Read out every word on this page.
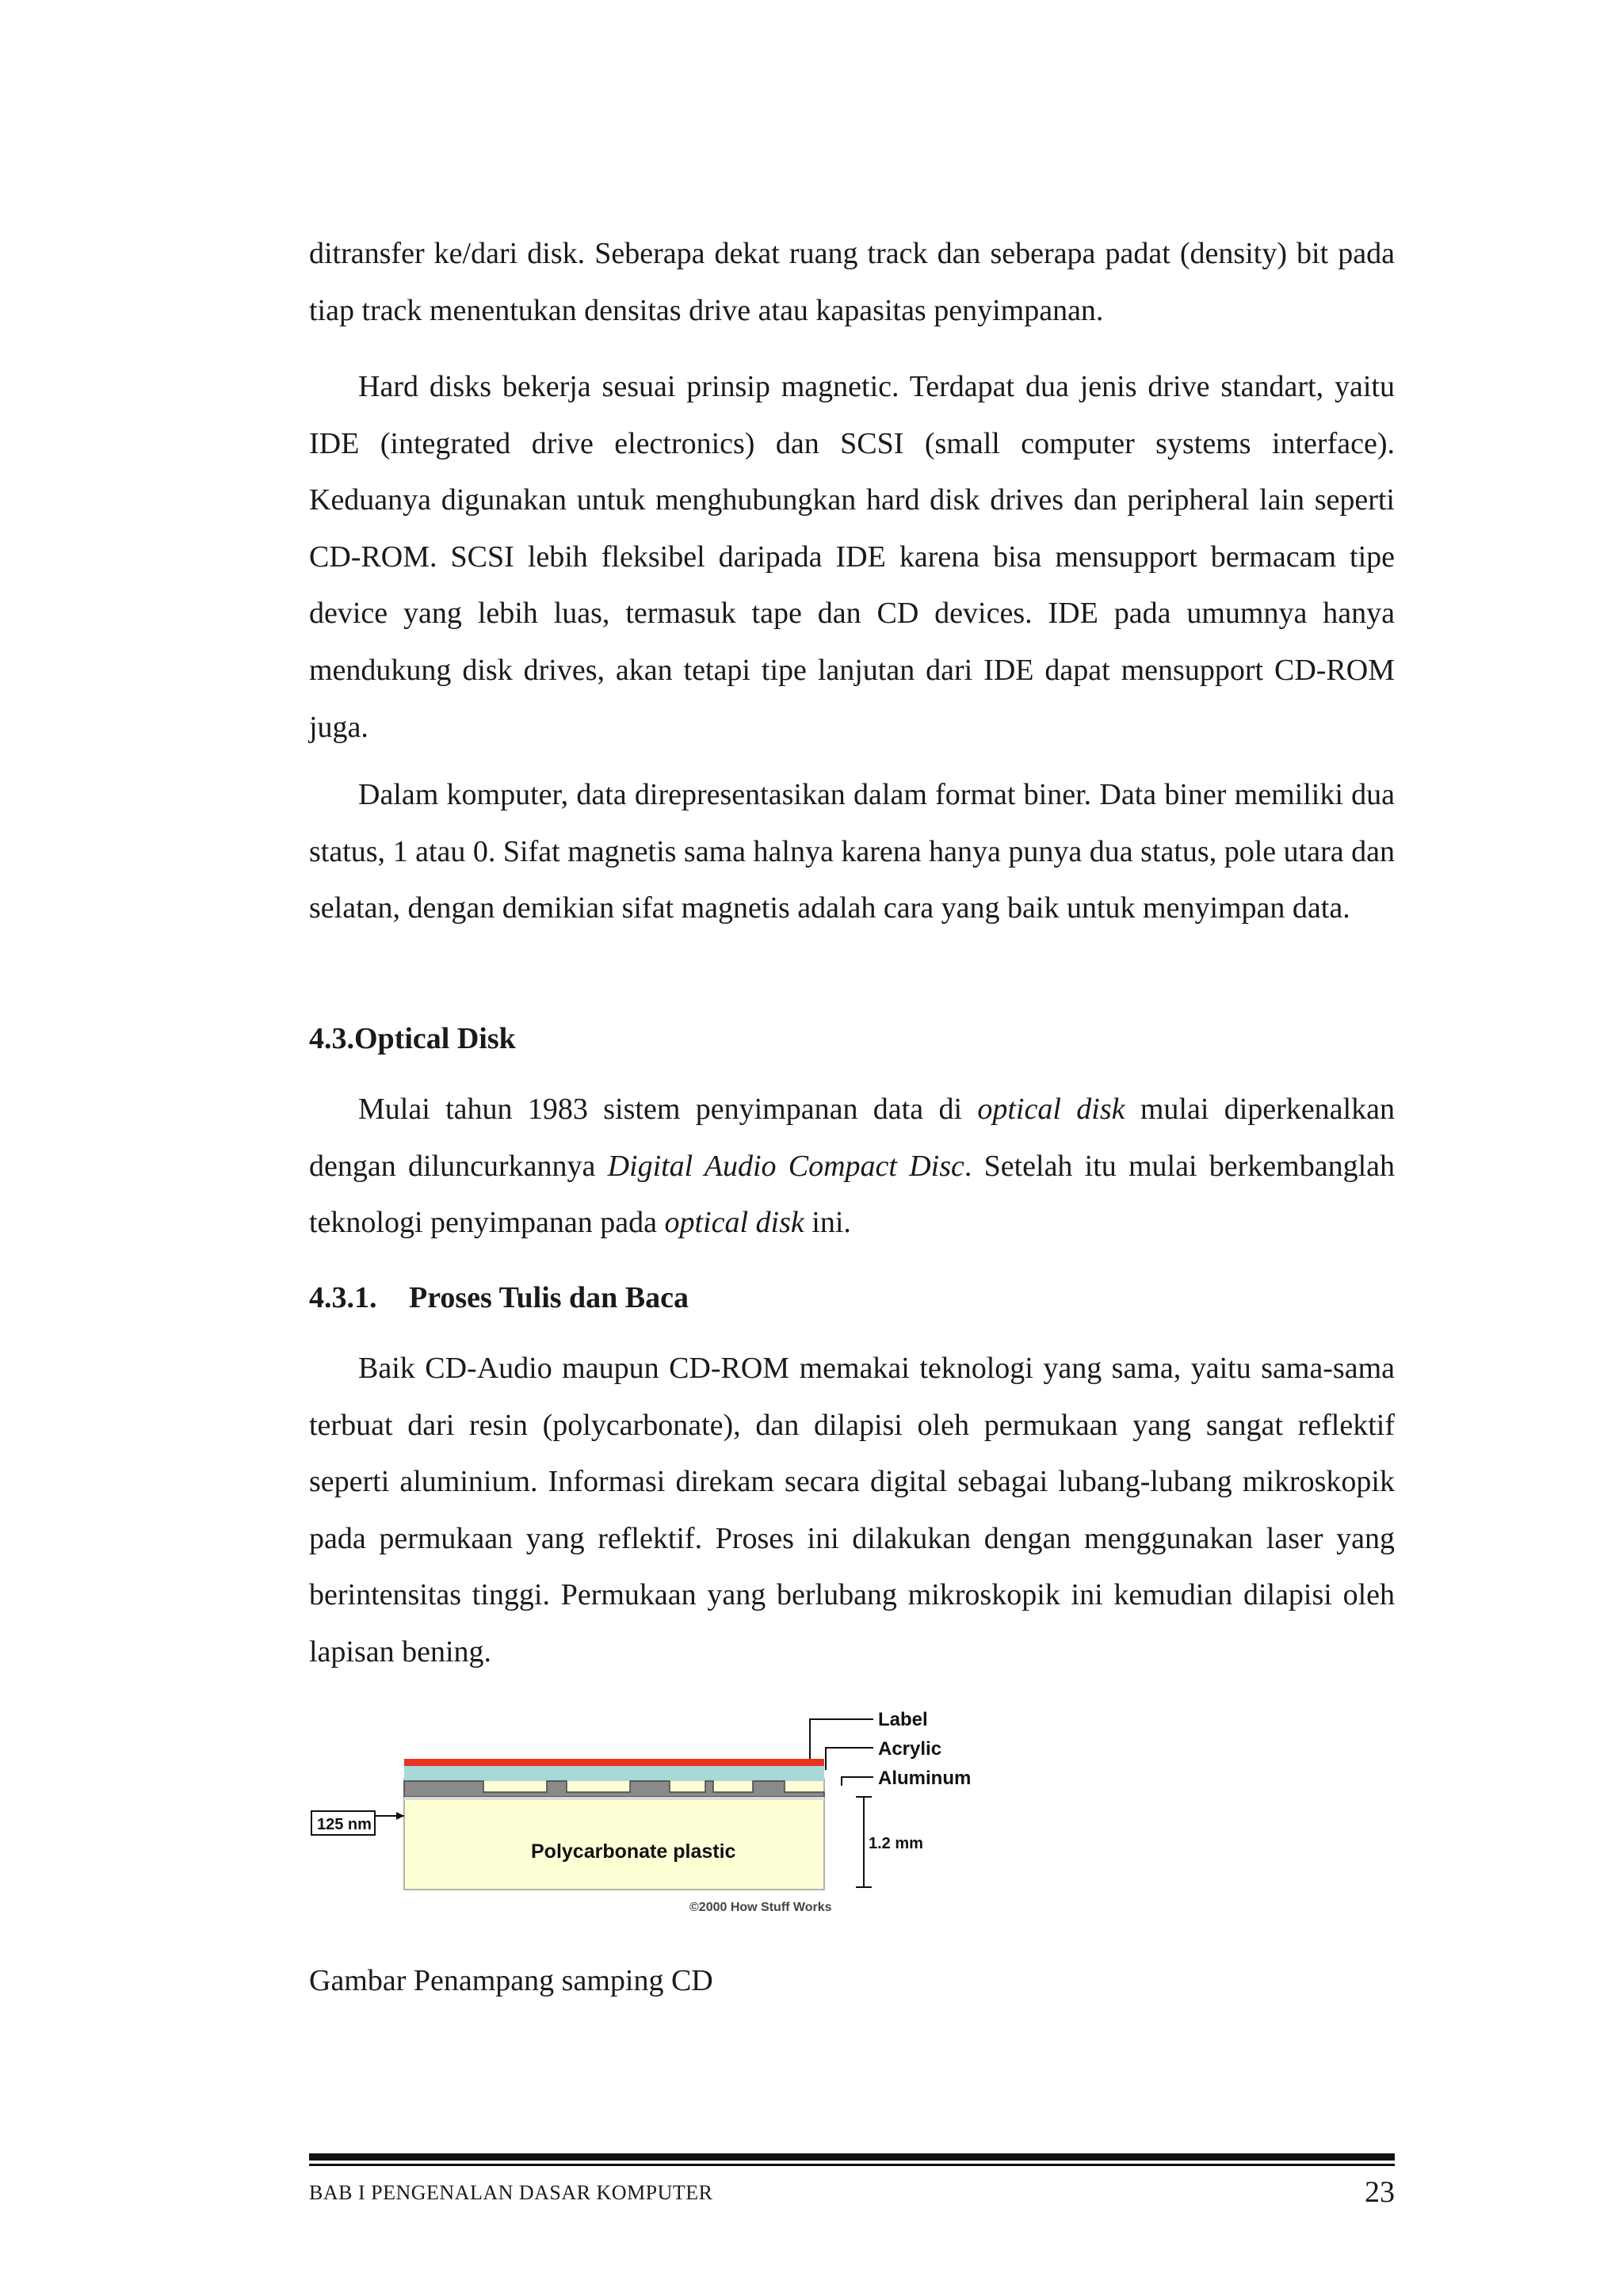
ditransfer ke/dari disk. Seberapa dekat ruang track dan seberapa padat (density) bit pada tiap track menentukan densitas drive atau kapasitas penyimpanan.

Hard disks bekerja sesuai prinsip magnetic. Terdapat dua jenis drive standart, yaitu IDE (integrated drive electronics) dan SCSI (small computer systems interface). Keduanya digunakan untuk menghubungkan hard disk drives dan peripheral lain seperti CD-ROM. SCSI lebih fleksibel daripada IDE karena bisa mensupport bermacam tipe device yang lebih luas, termasuk tape dan CD devices. IDE pada umumnya hanya mendukung disk drives, akan tetapi tipe lanjutan dari IDE dapat mensupport CD-ROM juga.

Dalam komputer, data direpresentasikan dalam format biner. Data biner memiliki dua status, 1 atau 0. Sifat magnetis sama halnya karena hanya punya dua status, pole utara dan selatan, dengan demikian sifat magnetis adalah cara yang baik untuk menyimpan data.

4.3.Optical Disk

Mulai tahun 1983 sistem penyimpanan data di optical disk mulai diperkenalkan dengan diluncurkannya Digital Audio Compact Disc. Setelah itu mulai berkembanglah teknologi penyimpanan pada optical disk ini.

4.3.1. Proses Tulis dan Baca

Baik CD-Audio maupun CD-ROM memakai teknologi yang sama, yaitu sama-sama terbuat dari resin (polycarbonate), dan dilapisi oleh permukaan yang sangat reflektif seperti aluminium. Informasi direkam secara digital sebagai lubang-lubang mikroskopik pada permukaan yang reflektif. Proses ini dilakukan dengan menggunakan laser yang berintensitas tinggi. Permukaan yang berlubang mikroskopik ini kemudian dilapisi oleh lapisan bening.

Gambar Penampang samping CD

Label
Acrylic
Aluminum
1.2 mm
125 nm
Polycarbonate plastic
©2000 How Stuff Works
BAB I PENGENALAN DASAR KOMPUTER	23
